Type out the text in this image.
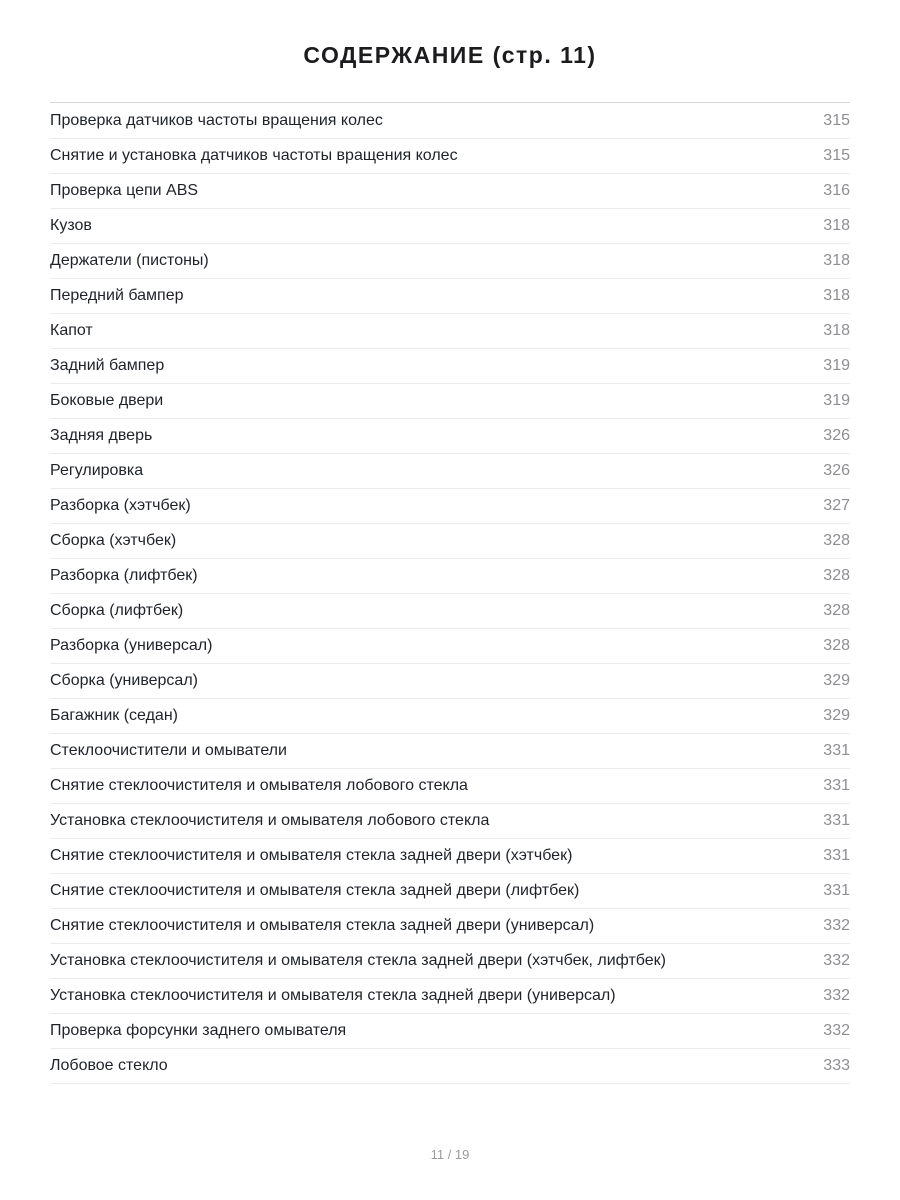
СОДЕРЖАНИЕ (стр. 11)
Проверка датчиков частоты вращения колес	315
Снятие и установка датчиков частоты вращения колес	315
Проверка цепи ABS	316
Кузов	318
Держатели (пистоны)	318
Передний бампер	318
Капот	318
Задний бампер	319
Боковые двери	319
Задняя дверь	326
Регулировка	326
Разборка (хэтчбек)	327
Сборка (хэтчбек)	328
Разборка (лифтбек)	328
Сборка (лифтбек)	328
Разборка (универсал)	328
Сборка (универсал)	329
Багажник (седан)	329
Стеклоочистители и омыватели	331
Снятие стеклоочистителя и омывателя лобового стекла	331
Установка стеклоочистителя и омывателя лобового стекла	331
Снятие стеклоочистителя и омывателя стекла задней двери (хэтчбек)	331
Снятие стеклоочистителя и омывателя стекла задней двери (лифтбек)	331
Снятие стеклоочистителя и омывателя стекла задней двери (универсал)	332
Установка стеклоочистителя и омывателя стекла задней двери (хэтчбек, лифтбек)	332
Установка стеклоочистителя и омывателя стекла задней двери (универсал)	332
Проверка форсунки заднего омывателя	332
Лобовое стекло	333
11 / 19
